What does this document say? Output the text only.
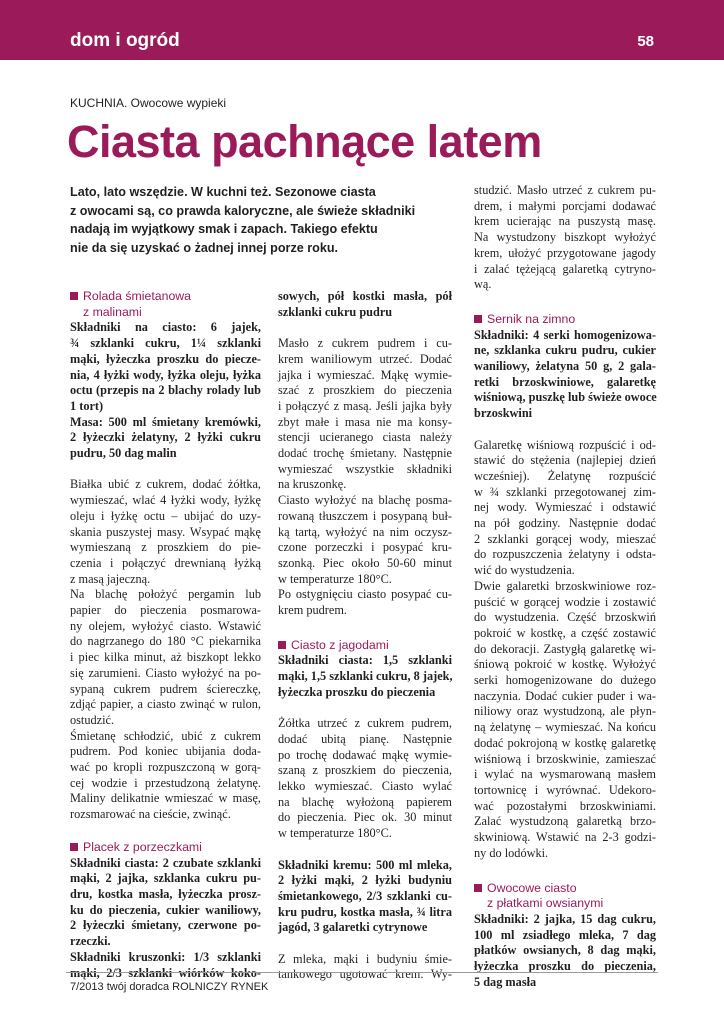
dom i ogród	58
KUCHNIA. Owocowe wypieki
Ciasta pachnące latem
Lato, lato wszędzie. W kuchni też. Sezonowe ciasta
z owocami są, co prawda kaloryczne, ale świeże składniki
nadają im wyjątkowy smak i zapach. Takiego efektu
nie da się uzyskać o żadnej innej porze roku.
Rolada śmietanowa
z malinami

Składniki na ciasto: 6 jajek,
¾ szklanki cukru, 1¼ szklanki
mąki, łyżeczka proszku do piecze-
nia, 4 łyżki wody, łyżka oleju, łyżka
octu (przepis na 2 blachy rolady lub
1 tort)
Masa: 500 ml śmietany kremówki,
2 łyżeczki żelatyny, 2 łyżki cukru
pudru, 50 dag malin

Białka ubić z cukrem, dodać żółtka,
wymieszać, wlać 4 łyżki wody, łyżkę
oleju i łyżkę octu – ubijać do uzy-
skania puszystej masy. Wsypać mąkę
wymieszaną z proszkiem do pie-
czenia i połączyć drewnianą łyżką
z masą jajeczną.
Na blachę położyć pergamin lub
papier do pieczenia posmarowa-
ny olejem, wyłożyć ciasto. Wstawić
do nagrzanego do 180 °C piekarnika
i piec kilka minut, aż biszkopt lekko
się zarumieni. Ciasto wyłożyć na po-
sypaną cukrem pudrem ściereczkę,
zdjąć papier, a ciasto zwinąć w rulon,
ostudzić.
Śmietanę schłodzić, ubić z cukrem
pudrem. Pod koniec ubijania doda-
wać po kropli rozpuszczoną w gorą-
cej wodzie i przestudzoną żelatynę.
Maliny delikatnie wmieszać w masę,
rozsmarować na cieście, zwinąć.

Placek z porzeczkami

Składniki ciasta: 2 czubate szklanki
mąki, 2 jajka, szklanka cukru pu-
dru, kostka masła, łyżeczka prosz-
ku do pieczenia, cukier waniliowy,
2 łyżeczki śmietany, czerwone po-
rzeczki.
Składniki kruszonki: 1/3 szklanki
mąki, 2/3 szklanki wiórków koko-

sowych, pół kostki masła, pół
szklanki cukru pudru

Masło z cukrem pudrem i cu-
krem waniliowym utrzeć. Dodać
jajka i wymieszać. Mąkę wymie-
szać z proszkiem do pieczenia
i połączyć z masą. Jeśli jajka były
zbyt małe i masa nie ma konsy-
stencji ucieranego ciasta należy
dodać trochę śmietany. Następnie
wymieszać wszystkie składniki
na kruszonkę.
Ciasto wyłożyć na blachę posma-
rowaną tłuszczem i posypaną buł-
ką tartą, wyłożyć na nim oczysz-
czone porzeczki i posypać kru-
szonką. Piec około 50-60 minut
w temperaturze 180°C.
Po ostygnięciu ciasto posypać cu-
krem pudrem.

Ciasto z jagodami

Składniki ciasta: 1,5 szklanki
mąki, 1,5 szklanki cukru, 8 jajek,
łyżeczka proszku do pieczenia

Żółtka utrzeć z cukrem pudrem,
dodać ubitą pianę. Następnie
po trochę dodawać mąkę wymie-
szaną z proszkiem do pieczenia,
lekko wymieszać. Ciasto wylać
na blachę wyłożoną papierem
do pieczenia. Piec ok. 30 minut
w temperaturze 180°C.

Składniki kremu: 500 ml mleka,
2 łyżki mąki, 2 łyżki budyniu
śmietankowego, 2/3 szklanki cu-
kru pudru, kostka masła, ¾ litra
jagód, 3 galaretki cytrynowe

Z mleka, mąki i budyniu śmie-
tankowego ugotować krem. Wy-

studzić. Masło utrzeć z cukrem pu-
drem, i małymi porcjami dodawać
krem ucierając na puszystą masę.
Na wystudzony biszkopt wyłożyć
krem, ułożyć przygotowane jagody
i zalać tężejącą galaretką cytryno-
wą.

Sernik na zimno

Składniki: 4 serki homogenizowa-
ne, szklanka cukru pudru, cukier
waniliowy, żelatyna 50 g, 2 gala-
retki brzoskwiniowe, galaretkę
wiśniową, puszkę lub świeże owoce
brzoskwini

Galaretkę wiśniową rozpuścić i od-
stawić do stężenia (najlepiej dzień
wcześniej). Żelatynę rozpuścić
w ¾ szklanki przegotowanej zim-
nej wody. Wymieszać i odstawić
na pół godziny. Następnie dodać
2 szklanki gorącej wody, mieszać
do rozpuszczenia żelatyny i odsta-
wić do wystudzenia.
Dwie galaretki brzoskwiniowe roz-
puścić w gorącej wodzie i zostawić
do wystudzenia. Część brzoskwiń
pokroić w kostkę, a część zostawić
do dekoracji. Zastygłą galaretkę wi-
śniową pokroić w kostkę. Wyłożyć
serki homogenizowane do dużego
naczynia. Dodać cukier puder i wa-
niliowy oraz wystudzoną, ale płyn-
ną żelatynę – wymieszać. Na końcu
dodać pokrojoną w kostkę galaretkę
wiśniową i brzoskwinie, zamieszać
i wylać na wysmarowaną masłem
tortownicę i wyrównać. Udekoro-
wać pozostałymi brzoskwiniami.
Zalać wystudzoną galaretką brzo-
skwiniową. Wstawić na 2-3 godzi-
ny do lodówki.

Owocowe ciasto
z płatkami owsianymi

Składniki: 2 jajka, 15 dag cukru,
100 ml zsiadłego mleka, 7 dag
płatków owsianych, 8 dag mąki,
łyżeczka proszku do pieczenia,
5 dag masła

7/2013 twój doradca ROLNICZY RYNEK
